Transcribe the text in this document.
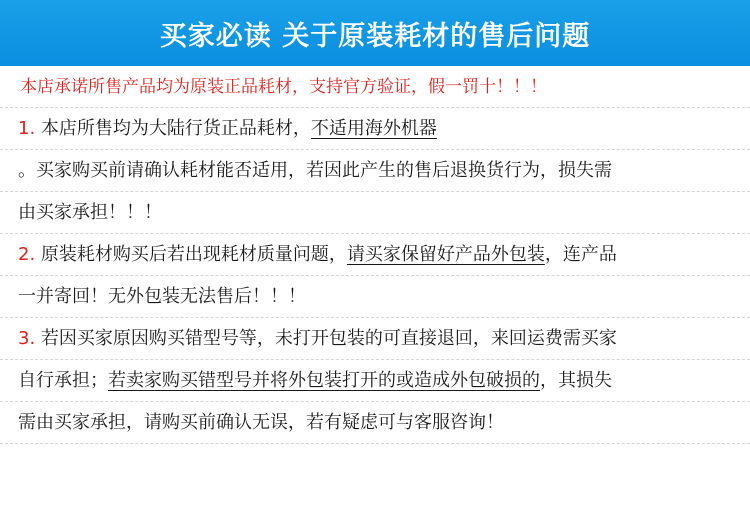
买家必读 关于原装耗材的售后问题
本店承诺所售产品均为原装正品耗材，支持官方验证，假一罚十！！！
1. 本店所售均为大陆行货正品耗材，不适用海外机器
。买家购买前请确认耗材能否适用，若因此产生的售后退换货行为，损失需
由买家承担！！！
2. 原装耗材购买后若出现耗材质量问题，请买家保留好产品外包装，连产品
一并寄回！无外包装无法售后！！！
3. 若因买家原因购买错型号等，未打开包装的可直接退回，来回运费需买家
自行承担；若卖家购买错型号并将外包装打开的或造成外包破损的，其损失
需由买家承担，请购买前确认无误，若有疑虑可与客服咨询！
